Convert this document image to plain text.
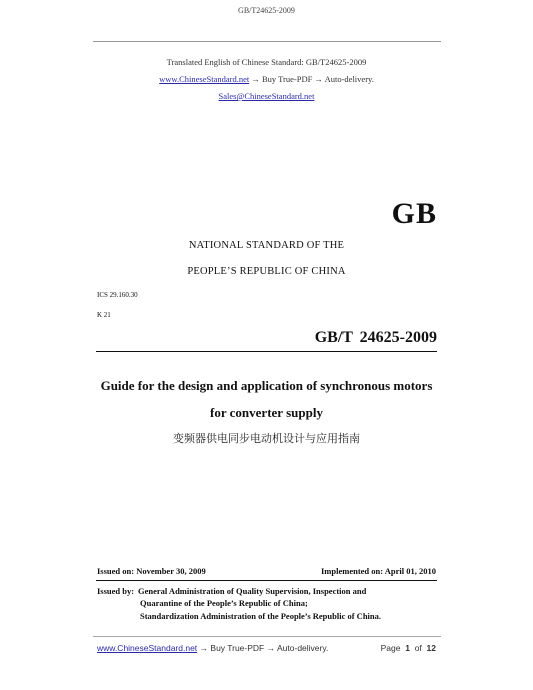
GB/T24625-2009
Translated English of Chinese Standard: GB/T24625-2009
www.ChineseStandard.net → Buy True-PDF → Auto-delivery.
Sales@ChineseStandard.net
GB
NATIONAL STANDARD OF THE
PEOPLE’S REPUBLIC OF CHINA
ICS 29.160.30
K 21
GB/T 24625-2009
Guide for the design and application of synchronous motors
for converter supply
变频器供电同步电动机设计与应用指南
Issued on: November 30, 2009	Implemented on: April 01, 2010
Issued by: General Administration of Quality Supervision, Inspection and
Quarantine of the People’s Republic of China;
Standardization Administration of the People’s Republic of China.
www.ChineseStandard.net → Buy True-PDF → Auto-delivery.	Page 1 of 12
